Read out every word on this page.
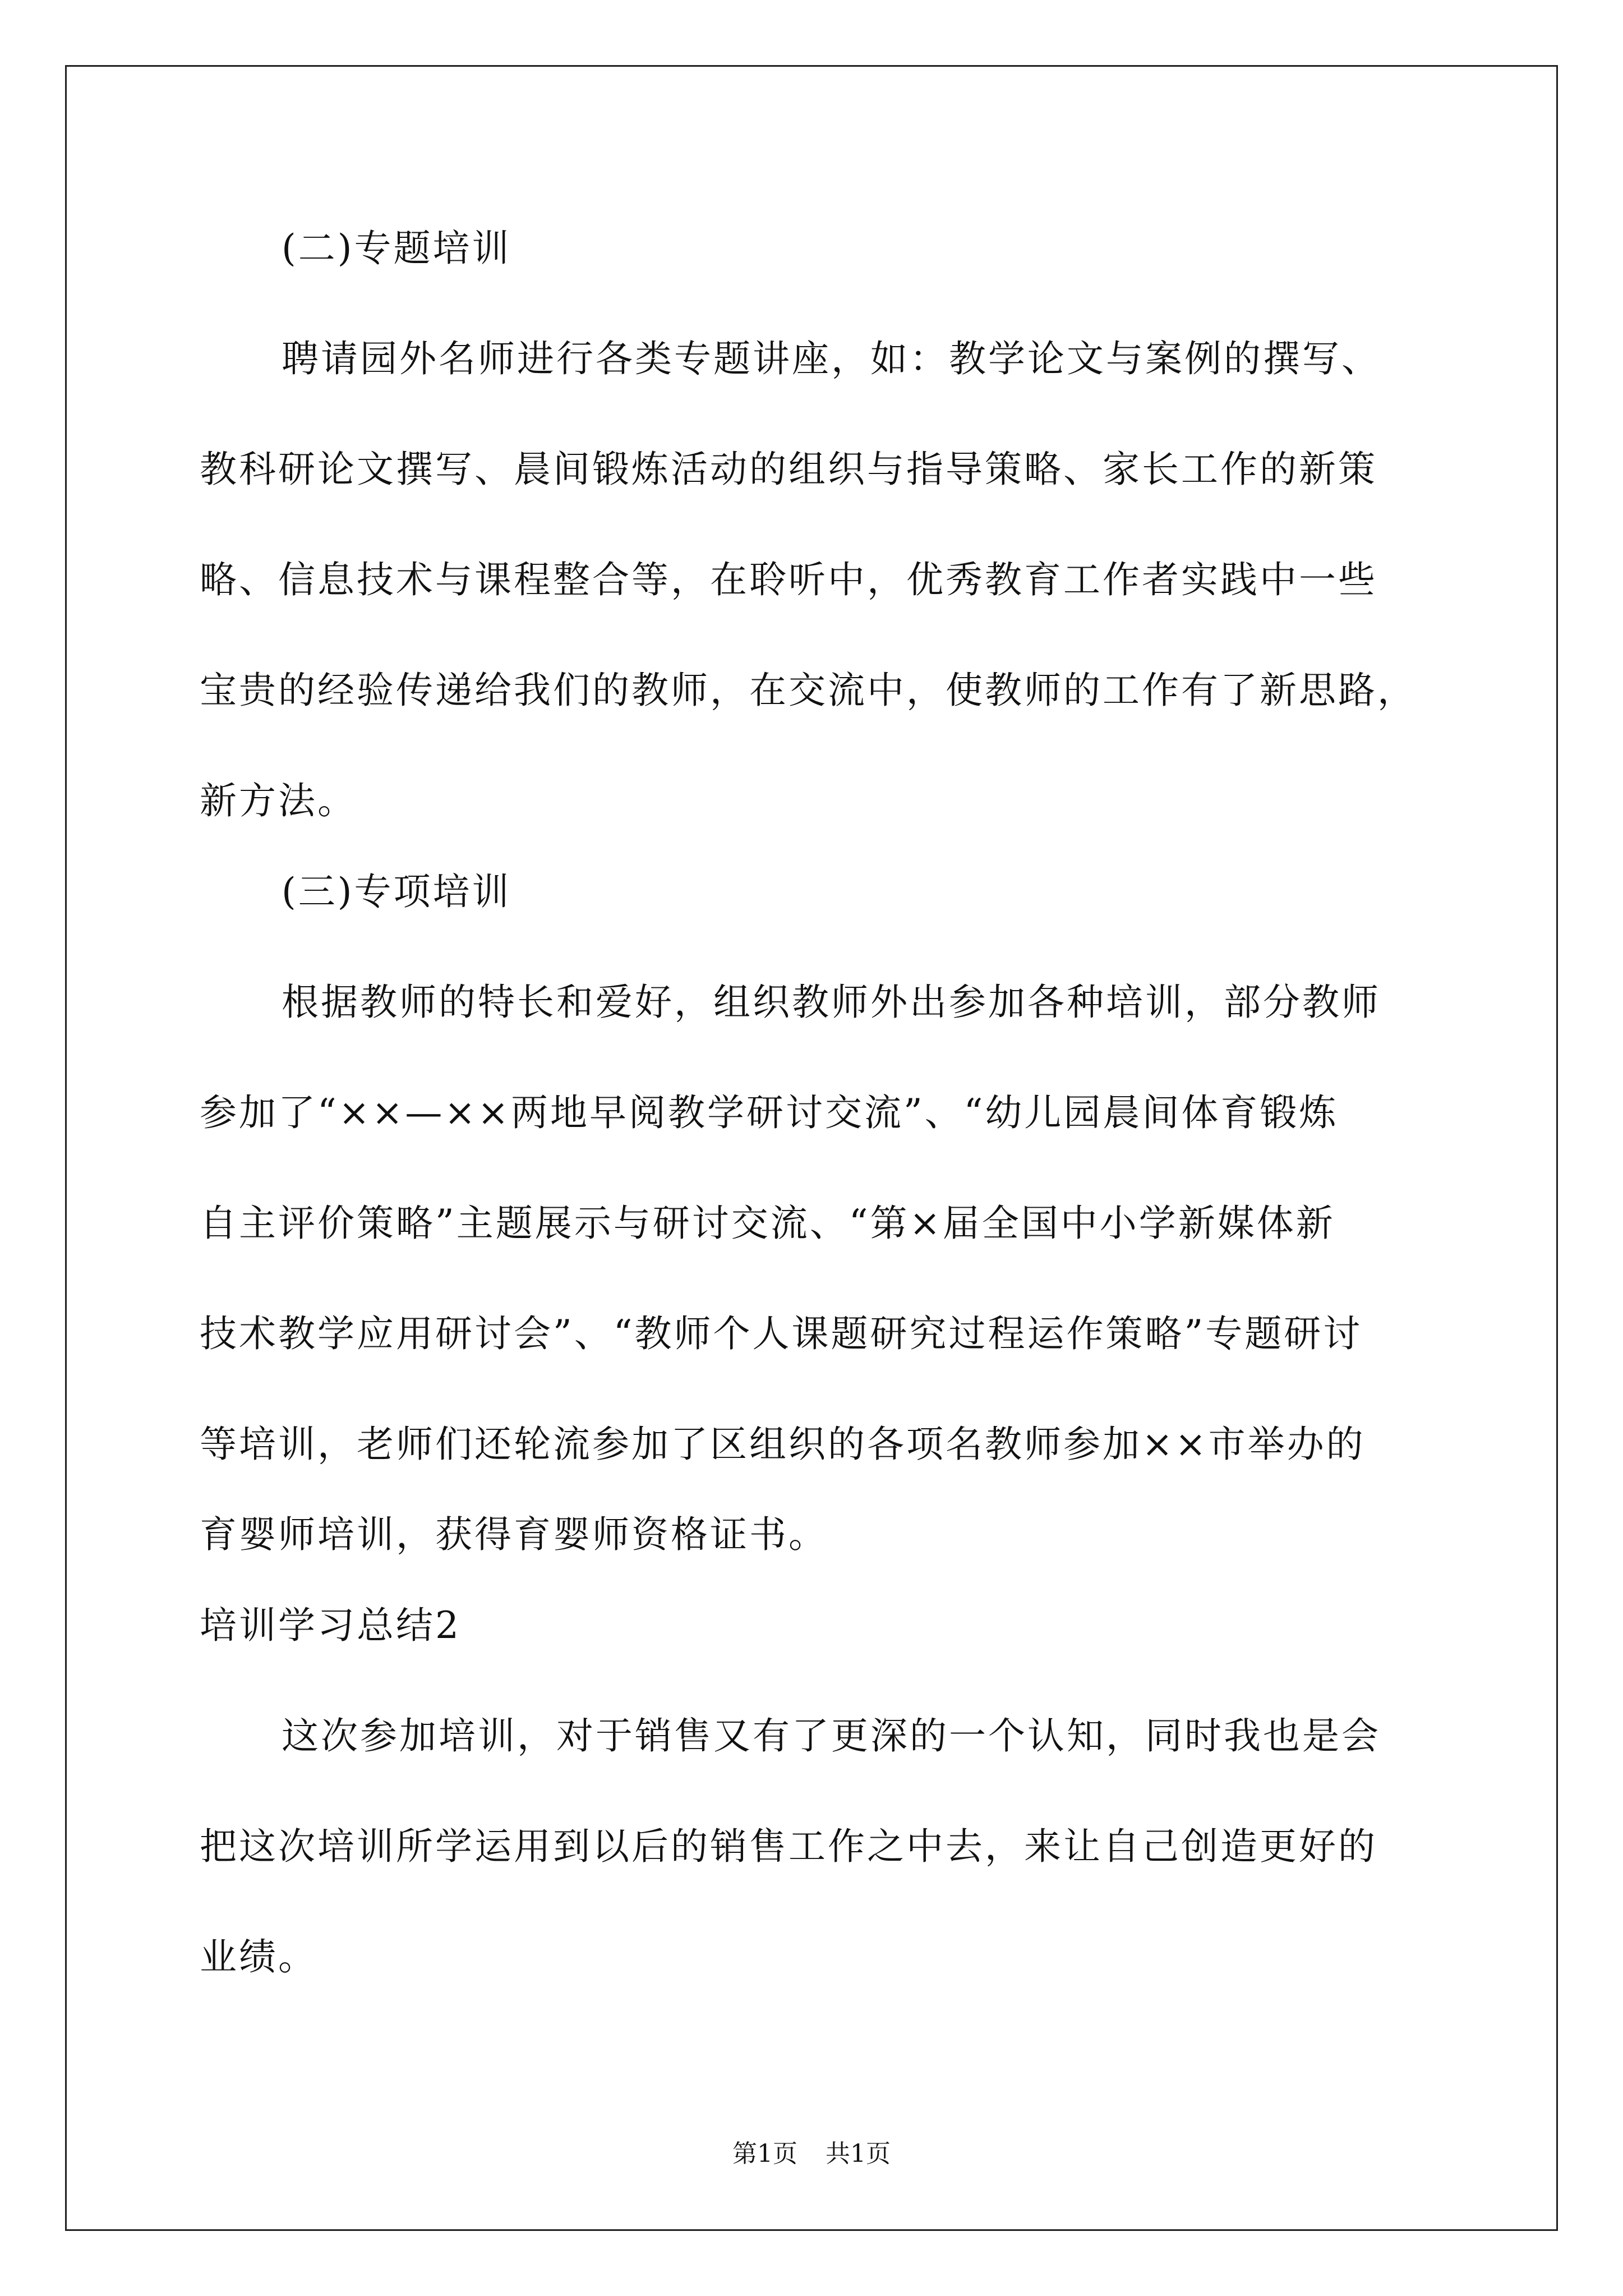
(二)专题培训
聘请园外名师进行各类专题讲座，如：教学论文与案例的撰写、
教科研论文撰写、晨间锻炼活动的组织与指导策略、家长工作的新策
略、信息技术与课程整合等，在聆听中，优秀教育工作者实践中一些
宝贵的经验传递给我们的教师，在交流中，使教师的工作有了新思路，
新方法。
(三)专项培训
根据教师的特长和爱好，组织教师外出参加各种培训，部分教师
参加了“××—××两地早阅教学研讨交流”、“幼儿园晨间体育锻炼
自主评价策略”主题展示与研讨交流、“第×届全国中小学新媒体新
技术教学应用研讨会”、“教师个人课题研究过程运作策略”专题研讨
等培训，老师们还轮流参加了区组织的各项名教师参加××市举办的
育婴师培训，获得育婴师资格证书。
培训学习总结2
这次参加培训，对于销售又有了更深的一个认知，同时我也是会
把这次培训所学运用到以后的销售工作之中去，来让自己创造更好的
业绩。
第1页 共1页
